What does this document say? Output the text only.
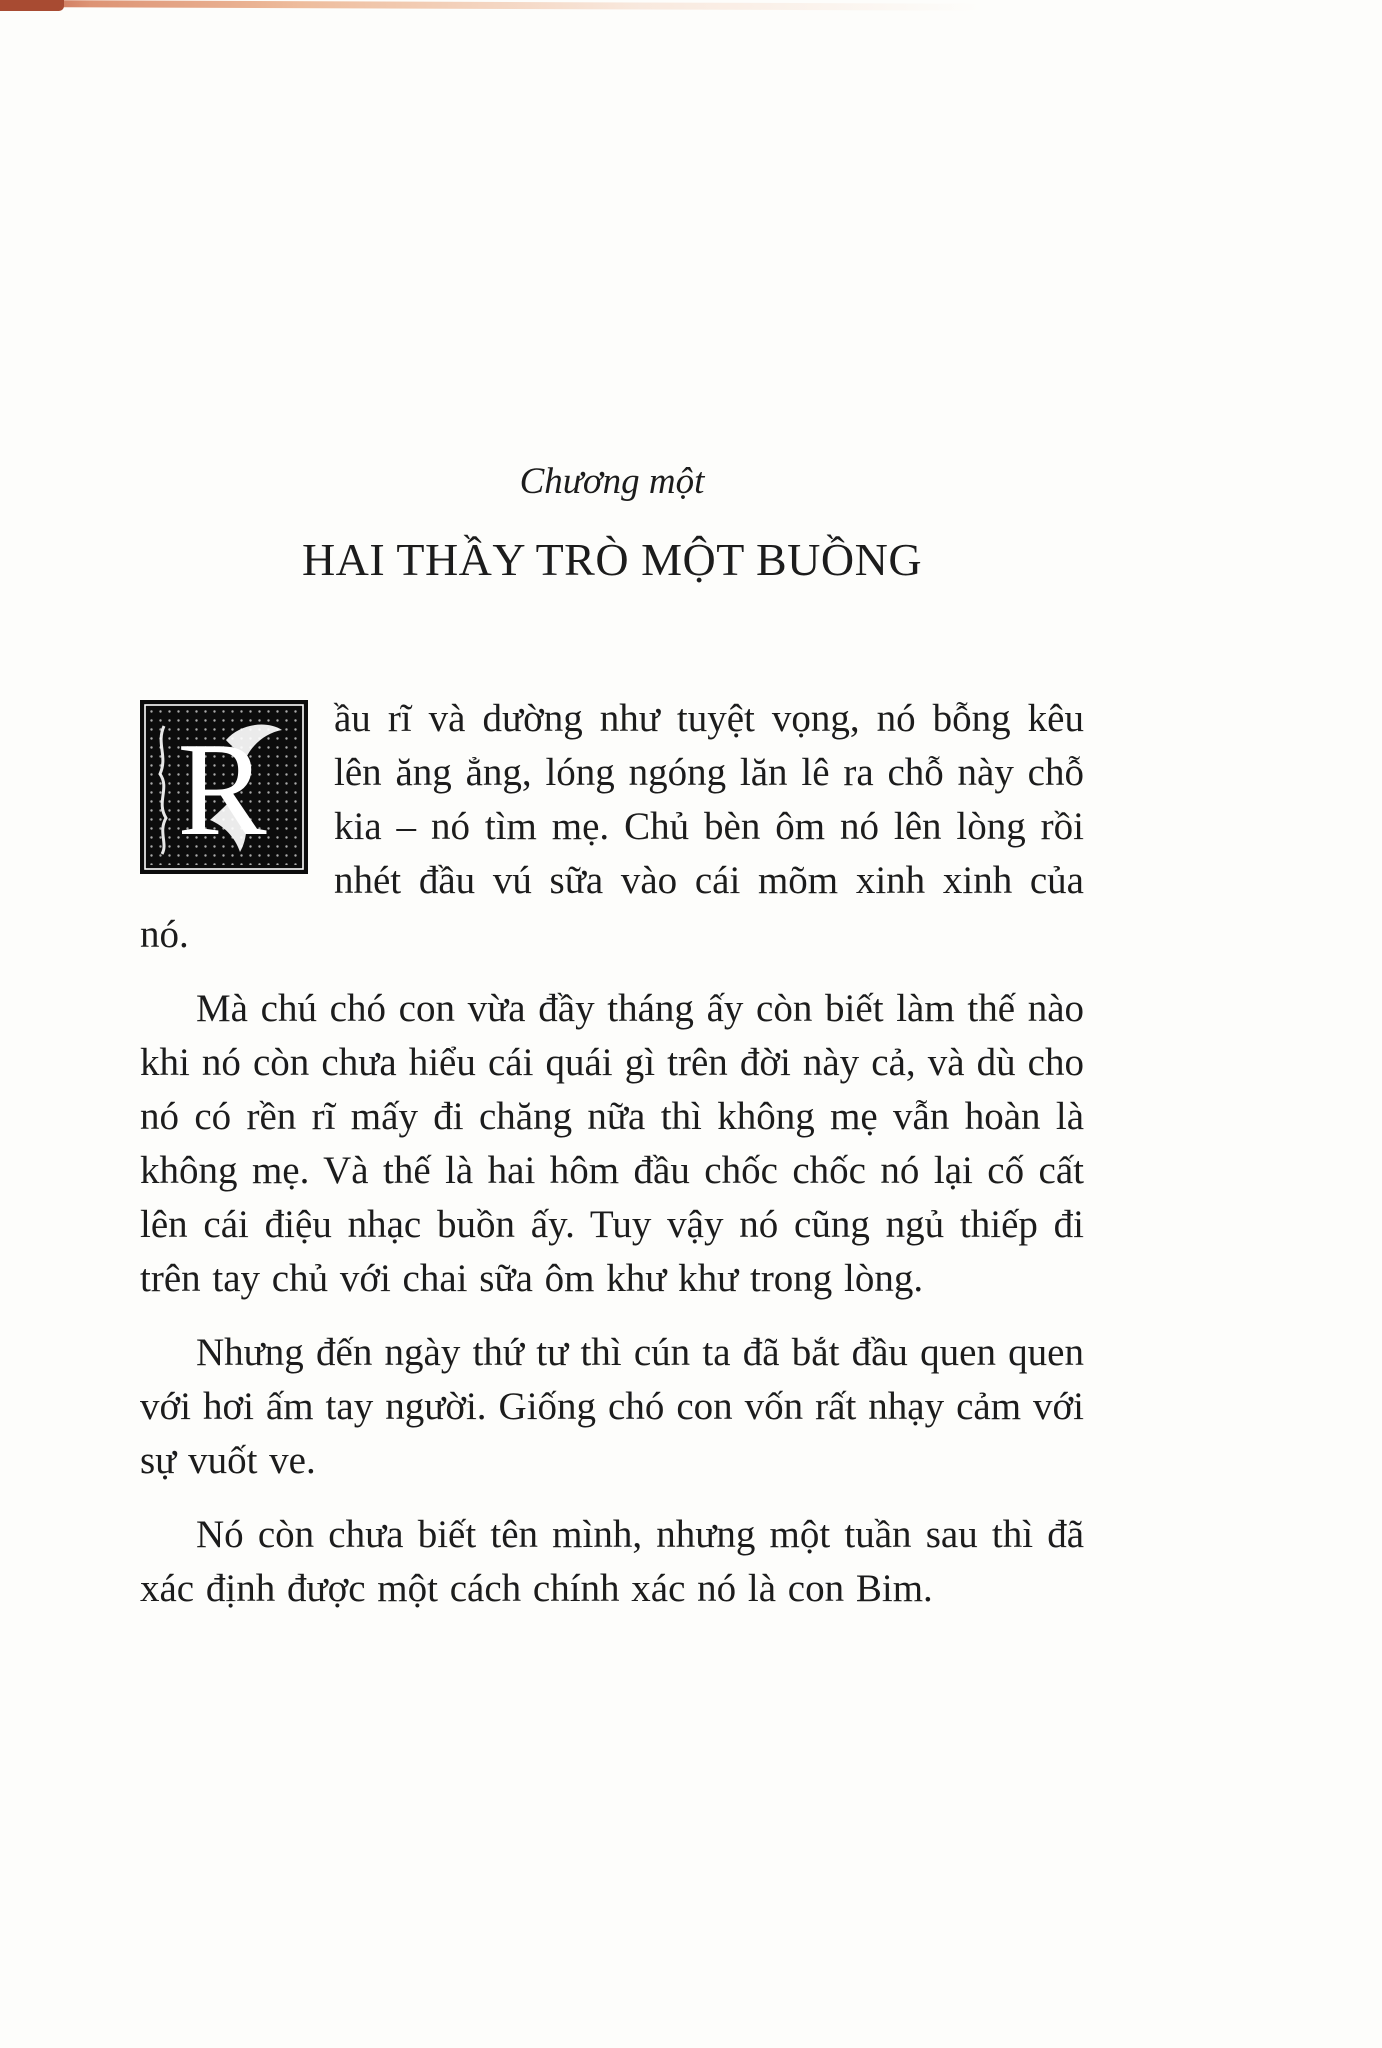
Chương một
HAI THẦY TRÒ MỘT BUỒNG

R ầu rĩ và dường như tuyệt vọng, nó bỗng kêu lên ăng ẳng, lóng ngóng lăn lê ra chỗ này chỗ kia – nó tìm mẹ. Chủ bèn ôm nó lên lòng rồi nhét đầu vú sữa vào cái mõm xinh xinh của nó.

Mà chú chó con vừa đầy tháng ấy còn biết làm thế nào khi nó còn chưa hiểu cái quái gì trên đời này cả, và dù cho nó có rền rĩ mấy đi chăng nữa thì không mẹ vẫn hoàn là không mẹ. Và thế là hai hôm đầu chốc chốc nó lại cố cất lên cái điệu nhạc buồn ấy. Tuy vậy nó cũng ngủ thiếp đi trên tay chủ với chai sữa ôm khư khư trong lòng.

Nhưng đến ngày thứ tư thì cún ta đã bắt đầu quen quen với hơi ấm tay người. Giống chó con vốn rất nhạy cảm với sự vuốt ve.

Nó còn chưa biết tên mình, nhưng một tuần sau thì đã xác định được một cách chính xác nó là con Bim.
